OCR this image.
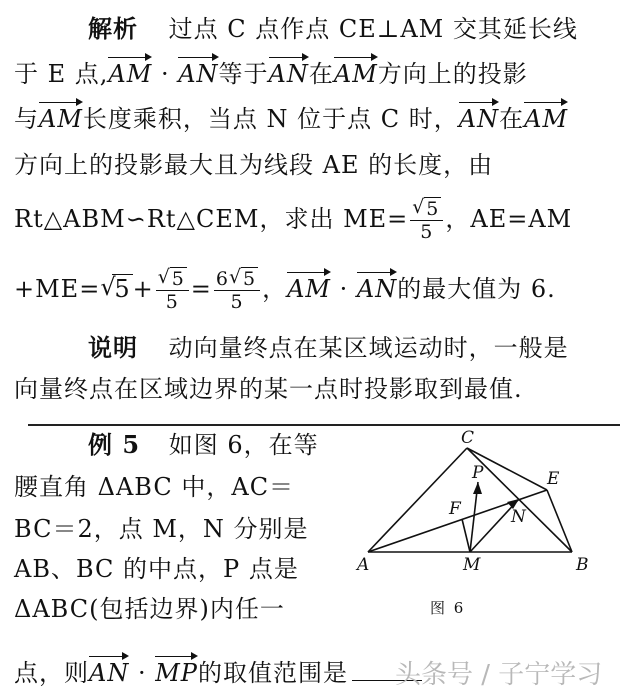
解析 过点 C 点作点 CE⊥AM 交其延长线
于 E 点,AM · AN等于AN在AM方向上的投影
与AM长度乘积，当点 N 位于点 C 时，AN在AM
方向上的投影最大且为线段 AE 的长度，由
Rt△ABM∽Rt△CEM，求出 ME= √ $\frac{5}{5}$ ，AE=AM
+ME= √ 5+ √ $\frac{5}{5} = \frac{6 √ 5}{5}$ ，AM · AN的最大值为 6.
说明 动向量终点在某区域运动时，一般是
向量终点在区域边界的某一点时投影取到最值.
例 5 如图 6，在等
腰直角 ΔABC 中，AC＝
BC＝2，点 M，N 分别是
AB、BC 的中点，P 点是
ΔABC(包括边界)内任一
点，则AN · MP的取值范围是
A	B
C
M
N
P	E
F
图 6
头条号 / 子宁学习
